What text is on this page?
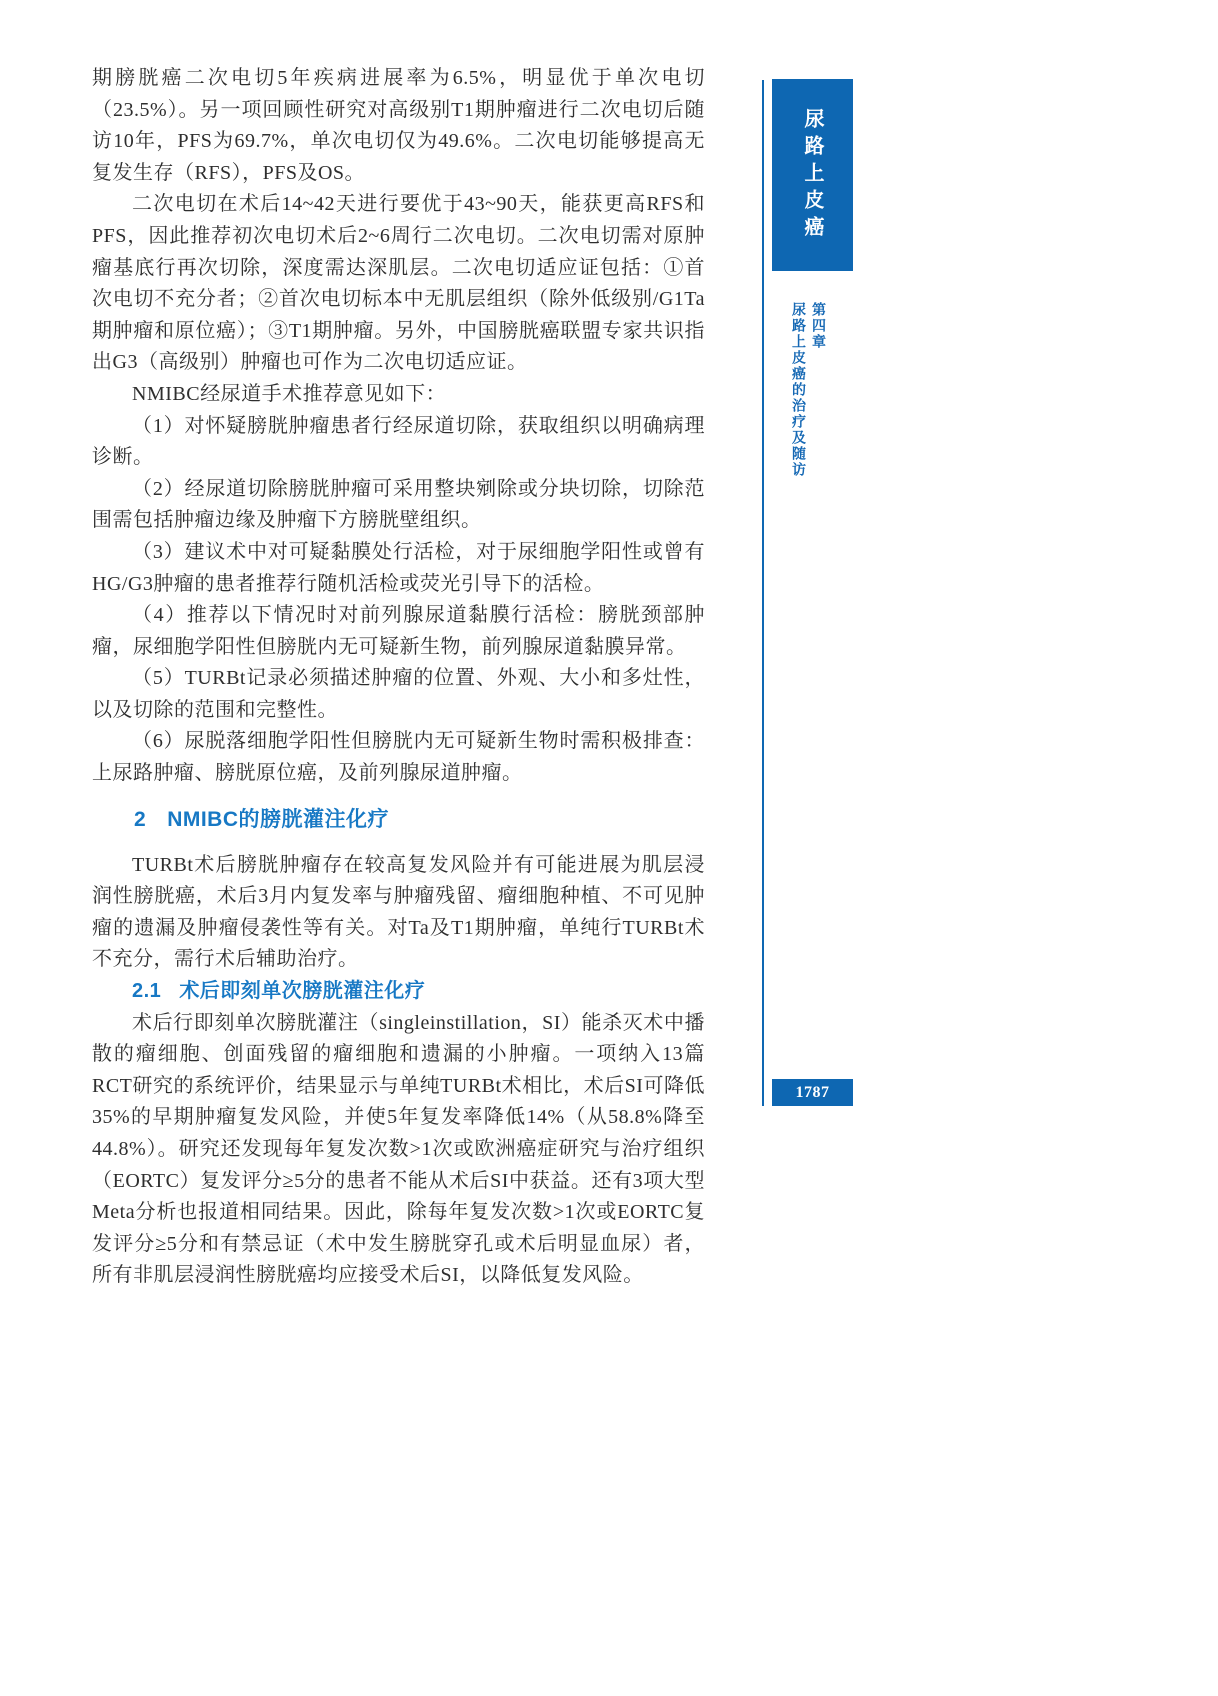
期膀胱癌二次电切5年疾病进展率为6.5%，明显优于单次电切（23.5%）。另一项回顾性研究对高级别T1期肿瘤进行二次电切后随访10年，PFS为69.7%，单次电切仅为49.6%。二次电切能够提高无复发生存（RFS），PFS及OS。

二次电切在术后14~42天进行要优于43~90天，能获更高RFS和PFS，因此推荐初次电切术后2~6周行二次电切。二次电切需对原肿瘤基底行再次切除，深度需达深肌层。二次电切适应证包括：①首次电切不充分者；②首次电切标本中无肌层组织（除外低级别/G1Ta期肿瘤和原位癌）；③T1期肿瘤。另外，中国膀胱癌联盟专家共识指出G3（高级别）肿瘤也可作为二次电切适应证。

NMIBC经尿道手术推荐意见如下：

（1）对怀疑膀胱肿瘤患者行经尿道切除，获取组织以明确病理诊断。

（2）经尿道切除膀胱肿瘤可采用整块剜除或分块切除，切除范围需包括肿瘤边缘及肿瘤下方膀胱壁组织。

（3）建议术中对可疑黏膜处行活检，对于尿细胞学阳性或曾有HG/G3肿瘤的患者推荐行随机活检或荧光引导下的活检。

（4）推荐以下情况时对前列腺尿道黏膜行活检：膀胱颈部肿瘤，尿细胞学阳性但膀胱内无可疑新生物，前列腺尿道黏膜异常。

（5）TURBt记录必须描述肿瘤的位置、外观、大小和多灶性，以及切除的范围和完整性。

（6）尿脱落细胞学阳性但膀胱内无可疑新生物时需积极排查：上尿路肿瘤、膀胱原位癌，及前列腺尿道肿瘤。

2 NMIBC的膀胱灌注化疗

TURBt术后膀胱肿瘤存在较高复发风险并有可能进展为肌层浸润性膀胱癌，术后3月内复发率与肿瘤残留、瘤细胞种植、不可见肿瘤的遗漏及肿瘤侵袭性等有关。对Ta及T1期肿瘤，单纯行TURBt术不充分，需行术后辅助治疗。

2.1 术后即刻单次膀胱灌注化疗

术后行即刻单次膀胱灌注（singleinstillation，SI）能杀灭术中播散的瘤细胞、创面残留的瘤细胞和遗漏的小肿瘤。一项纳入13篇RCT研究的系统评价，结果显示与单纯TURBt术相比，术后SI可降低35%的早期肿瘤复发风险，并使5年复发率降低14%（从58.8%降至44.8%）。研究还发现每年复发次数>1次或欧洲癌症研究与治疗组织（EORTC）复发评分≥5分的患者不能从术后SI中获益。还有3项大型Meta分析也报道相同结果。因此，除每年复发次数>1次或EORTC复发评分≥5分和有禁忌证（术中发生膀胱穿孔或术后明显血尿）者，所有非肌层浸润性膀胱癌均应接受术后SI，以降低复发风险。

尿路上皮癌
第四章
尿路上皮癌的治疗及随访
1787
